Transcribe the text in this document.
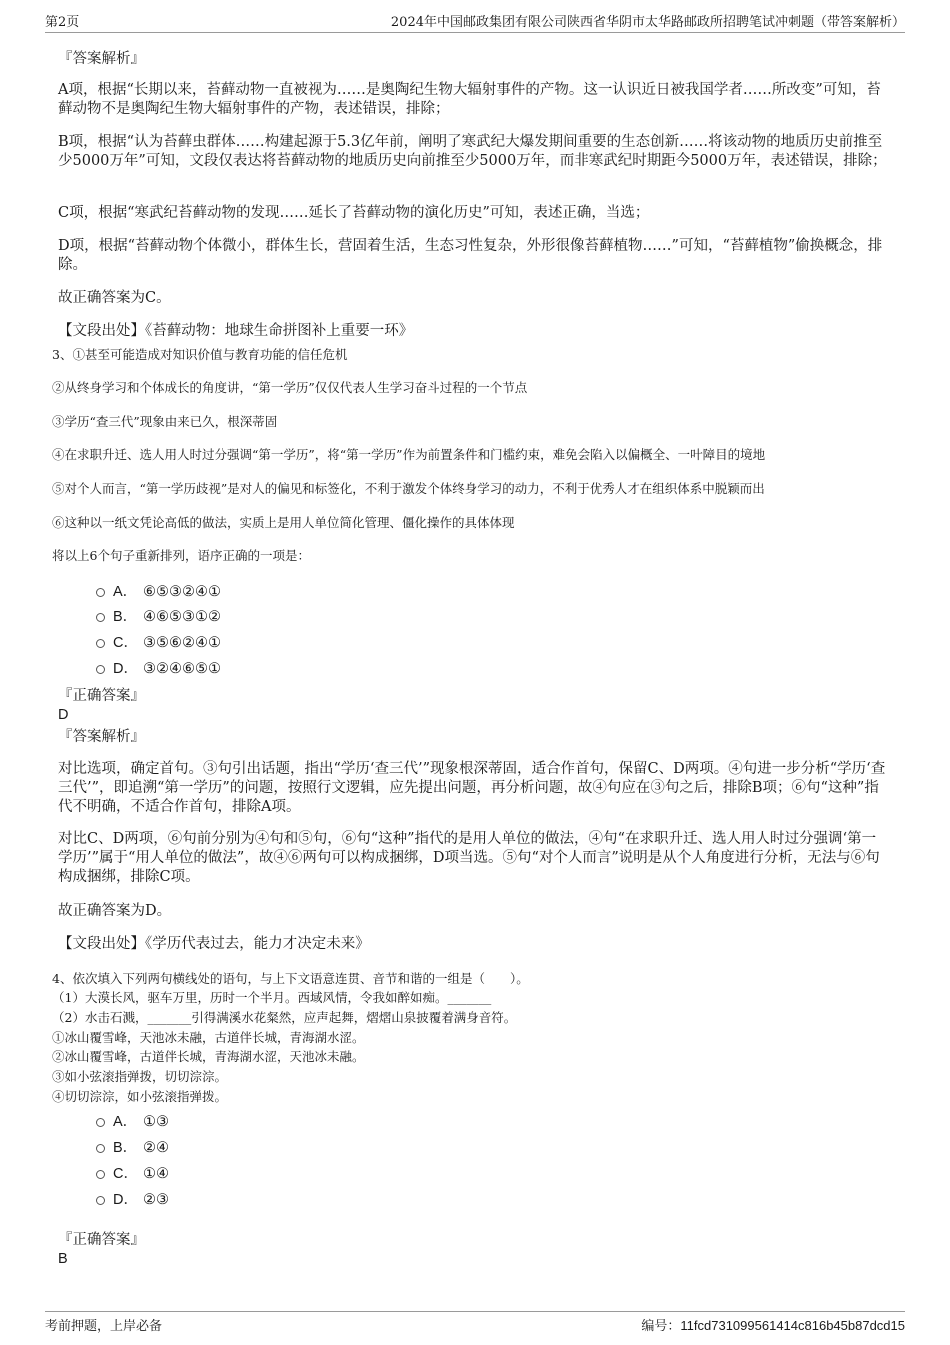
第2页	2024年中国邮政集团有限公司陕西省华阴市太华路邮政所招聘笔试冲刺题（带答案解析）
『答案解析』
A项，根据“长期以来，苔藓动物一直被视为……是奥陶纪生物大辐射事件的产物。这一认识近日被我国学者……所改变”可知，苔藓动物不是奥陶纪生物大辐射事件的产物，表述错误，排除；
B项，根据“认为苔藓虫群体……构建起源于5.3亿年前，阐明了寒武纪大爆发期间重要的生态创新……将该动物的地质历史前推至少5000万年”可知，文段仅表达将苔藓动物的地质历史向前推至少5000万年，而非寒武纪时期距今5000万年，表述错误，排除；
C项，根据“寒武纪苔藓动物的发现……延长了苔藓动物的演化历史”可知，表述正确，当选；
D项，根据“苔藓动物个体微小，群体生长，营固着生活，生态习性复杂，外形很像苔藓植物……”可知，“苔藓植物”偷换概念，排除。
故正确答案为C。
【文段出处】《苔藓动物：地球生命拼图补上重要一环》
3、①甚至可能造成对知识价值与教育功能的信任危机
②从终身学习和个体成长的角度讲，“第一学历”仅仅代表人生学习奋斗过程的一个节点
③学历“查三代”现象由来已久，根深蒂固
④在求职升迁、选人用人时过分强调“第一学历”，将“第一学历”作为前置条件和门槛约束，难免会陷入以偏概全、一叶障目的境地
⑤对个人而言，“第一学历歧视”是对人的偏见和标签化，不利于激发个体终身学习的动力，不利于优秀人才在组织体系中脱颖而出
⑥这种以一纸文凭论高低的做法，实质上是用人单位简化管理、僵化操作的具体体现
将以上6个句子重新排列，语序正确的一项是：
A． ⑥⑤③②④①
B． ④⑥⑤③①②
C． ③⑤⑥②④①
D． ③②④⑥⑤①
『正确答案』
D
『答案解析』
对比选项，确定首句。③句引出话题，指出“学历‘查三代’”现象根深蒂固，适合作首句，保留C、D两项。④句进一步分析“学历‘查三代’”，即追溯“第一学历”的问题，按照行文逻辑，应先提出问题，再分析问题，故④句应在③句之后，排除B项；⑥句“这种”指代不明确，不适合作首句，排除A项。
对比C、D两项，⑥句前分别为④句和⑤句，⑥句“这种”指代的是用人单位的做法，④句“在求职升迁、选人用人时过分强调‘第一学历’”属于“用人单位的做法”，故④⑥两句可以构成捆绑，D项当选。⑤句“对个人而言”说明是从个人角度进行分析，无法与⑥句构成捆绑，排除C项。
故正确答案为D。
【文段出处】《学历代表过去，能力才决定未来》
4、依次填入下列两句横线处的语句，与上下文语意连贯、音节和谐的一组是（　　）。
（1）大漠长风，驱车万里，历时一个半月。西域风情，令我如醉如痴。_______
（2）水击石溅，_______引得满溪水花粲然，应声起舞，熠熠山泉披覆着满身音符。
①冰山覆雪峰，天池冰未融，古道伴长城，青海湖水涩。
②冰山覆雪峰，古道伴长城，青海湖水涩，天池冰未融。
③如小弦滚指弹拨，切切淙淙。
④切切淙淙，如小弦滚指弹拨。
A． ①③
B． ②④
C． ①④
D． ②③
『正确答案』
B
考前押题，上岸必备	编号：11fcd731099561414c816b45b87dcd15
